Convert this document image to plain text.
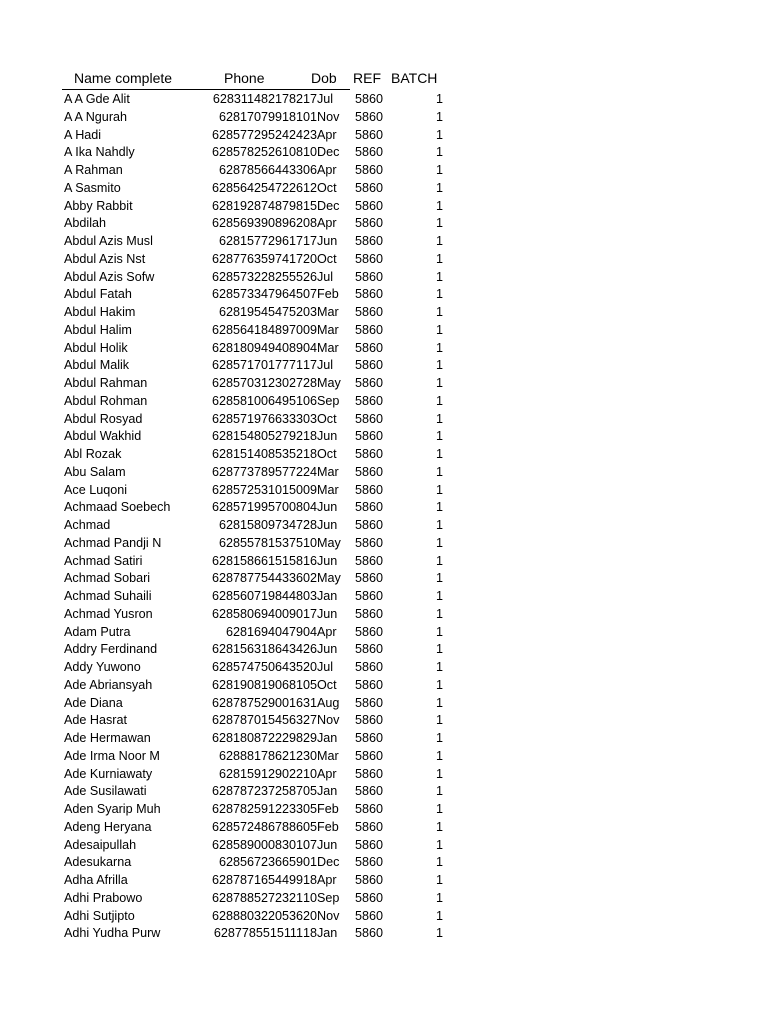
Name complete	Phone	Dob REF BATCH
A A Gde Alit	6283114821782 17Jul 5860	1
A A Ngurah	628170799181 01Nov 5860	1
A Hadi	6285772952424 23Apr 5860	1
A Ika Nahdly	6285782526108 10Dec 5860	1
A Rahman	628785664433 06Apr 5860	1
A Sasmito	6285642547226 12Oct 5860	1
Abby Rabbit	6281928748798 15Dec 5860	1
Abdilah	6285693908962 08Apr 5860	1
Abdul Azis Musl	628157729617 17Jun 5860	1
Abdul Azis Nst	6287763597417 20Oct 5860	1
Abdul Azis Sofw	6285732282555 26Jul 5860	1
Abdul Fatah	6285733479645 07Feb 5860	1
Abdul Hakim	628195454752 03Mar 5860	1
Abdul Halim	6285641848970 09Mar 5860	1
Abdul Holik	6281809494089 04Mar 5860	1
Abdul Malik	6285717017771 17Jul 5860	1
Abdul Rahman	6285703123027 28May 5860	1
Abdul Rohman	6285810064951 06Sep 5860	1
Abdul Rosyad	6285719766333 03Oct 5860	1
Abdul Wakhid	6281548052792 18Jun 5860	1
Abl Rozak	6281514085352 18Oct 5860	1
Abu Salam	6287737895772 24Mar 5860	1
Ace Luqoni	6285725310150 09Mar 5860	1
Achmaad Soebech	6285719957008 04Jun 5860	1
Achmad	628158097347 28Jun 5860	1
Achmad Pandji N	628557815375 10May 5860	1
Achmad Satiri	6281586615158 16Jun 5860	1
Achmad Sobari	6287877544336 02May 5860	1
Achmad Suhaili	6285607198448 03Jan 5860	1
Achmad Yusron	6285806940090 17Jun 5860	1
Adam Putra	62816940479 04Apr 5860	1
Addry Ferdinand	6281563186434 26Jun 5860	1
Addy Yuwono	6285747506435 20Jul 5860	1
Ade Abriansyah	6281908190681 05Oct 5860	1
Ade Diana	6287875290016 31Aug 5860	1
Ade Hasrat	6287870154563 27Nov 5860	1
Ade Hermawan	6281808722298 29Jan 5860	1
Ade Irma Noor M	628881786212 30Mar 5860	1
Ade Kurniawaty	628159129022 10Apr 5860	1
Ade Susilawati	6287872372587 05Jan 5860	1
Aden Syarip Muh	6287825912233 05Feb 5860	1
Adeng Heryana	6285724867886 05Feb 5860	1
Adesaipullah	6285890008301 07Jun 5860	1
Adesukarna	628567236659 01Dec 5860	1
Adha Afrilla	6287871654499 18Apr 5860	1
Adhi Prabowo	6287885272321 10Sep 5860	1
Adhi Sutjipto	6288803220536 20Nov 5860	1
Adhi Yudha Purw	6287785515111 18Jan 5860	1
